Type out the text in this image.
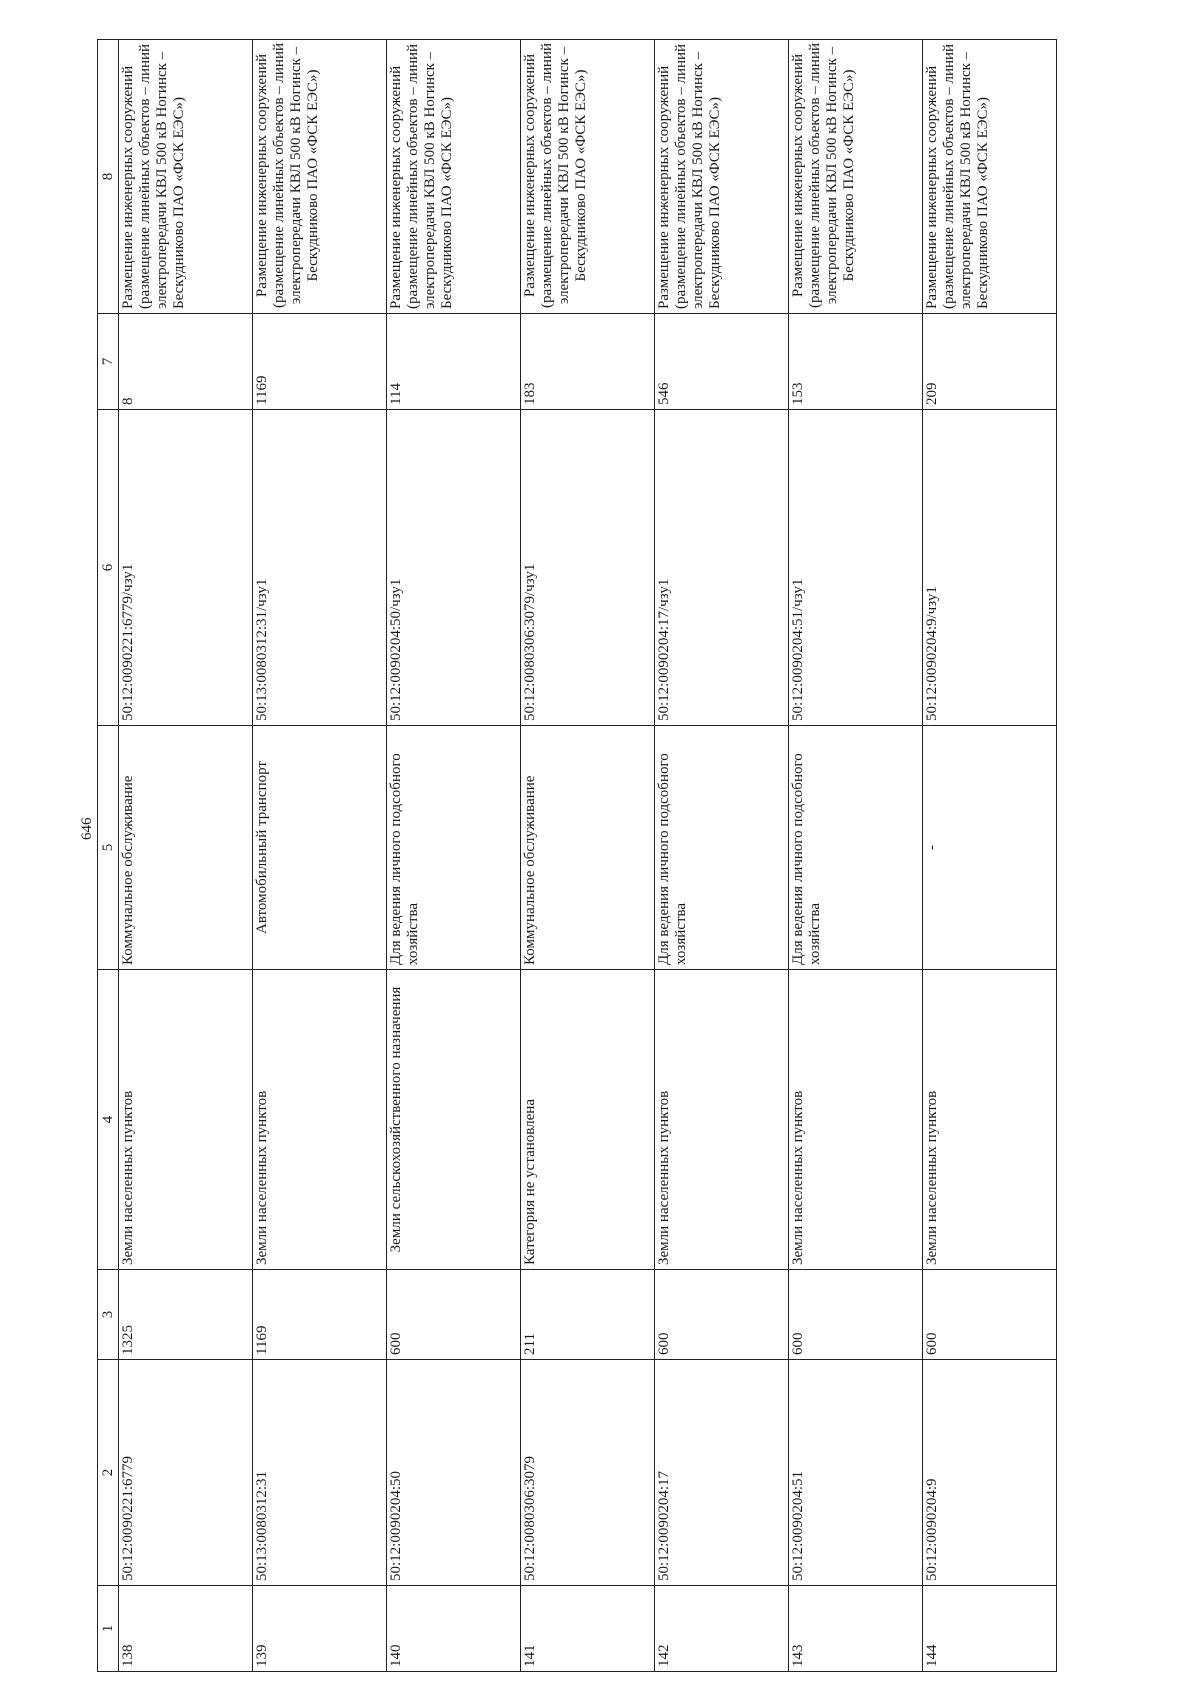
646
1	2	3	4	5	6	7	8
138	50:12:0090221:6779	1325	Земли населенных пунктов	Коммунальное обслуживание	50:12:0090221:6779/чзу1	8	Размещение инженерных сооружений (размещение линейных объектов – линий электропередачи КВЛ 500 кВ Ногинск – Бескудниково ПАО «ФСК ЕЭС»)
139	50:13:0080312:31	1169	Земли населенных пунктов	Автомобильный транспорт	50:13:0080312:31/чзу1	1169	Размещение инженерных сооружений (размещение линейных объектов – линий электропередачи КВЛ 500 кВ Ногинск – Бескудниково ПАО «ФСК ЕЭС»)
140	50:12:0090204:50	600	Земли сельскохозяйственного назначения	Для ведения личного подсобного хозяйства	50:12:0090204:50/чзу1	114	Размещение инженерных сооружений (размещение линейных объектов – линий электропередачи КВЛ 500 кВ Ногинск – Бескудниково ПАО «ФСК ЕЭС»)
141	50:12:0080306:3079	211	Категория не установлена	Коммунальное обслуживание	50:12:0080306:3079/чзу1	183	Размещение инженерных сооружений (размещение линейных объектов – линий электропередачи КВЛ 500 кВ Ногинск – Бескудниково ПАО «ФСК ЕЭС»)
142	50:12:0090204:17	600	Земли населенных пунктов	Для ведения личного подсобного хозяйства	50:12:0090204:17/чзу1	546	Размещение инженерных сооружений (размещение линейных объектов – линий электропередачи КВЛ 500 кВ Ногинск – Бескудниково ПАО «ФСК ЕЭС»)
143	50:12:0090204:51	600	Земли населенных пунктов	Для ведения личного подсобного хозяйства	50:12:0090204:51/чзу1	153	Размещение инженерных сооружений (размещение линейных объектов – линий электропередачи КВЛ 500 кВ Ногинск – Бескудниково ПАО «ФСК ЕЭС»)
144	50:12:0090204:9	600	Земли населенных пунктов	-	50:12:0090204:9/чзу1	209	Размещение инженерных сооружений (размещение линейных объектов – линий электропередачи КВЛ 500 кВ Ногинск – Бескудниково ПАО «ФСК ЕЭС»)
